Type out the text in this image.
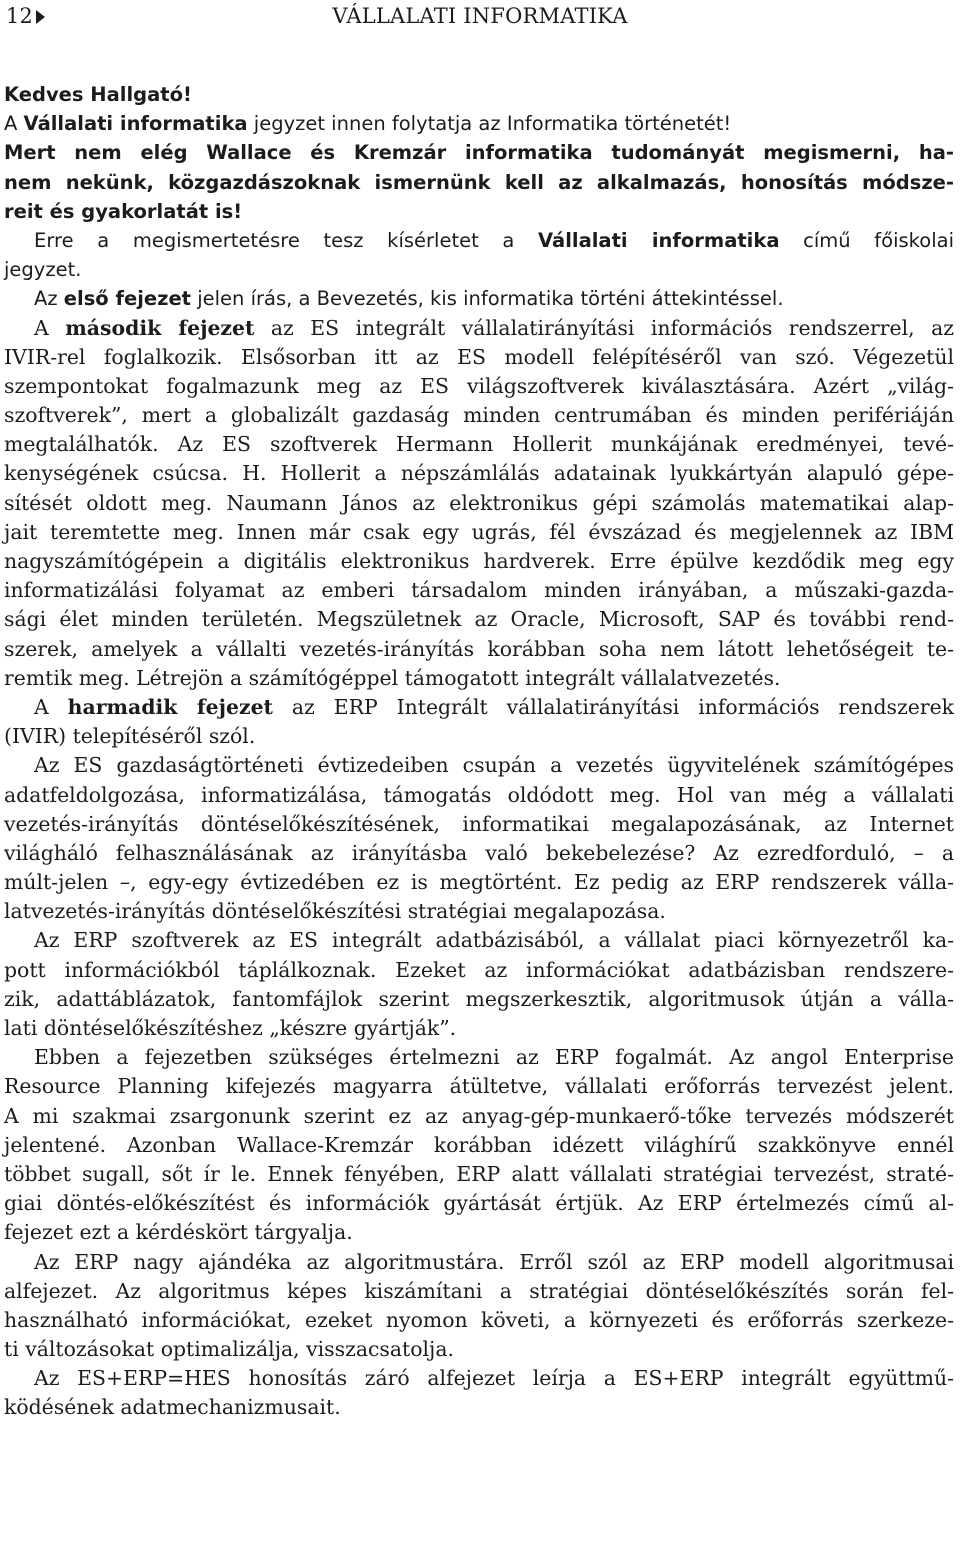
12	VÁLLALATI INFORMATIKA
Kedves Hallgató!
A Vállalati informatika jegyzet innen folytatja az Informatika történetét!
Mert nem elég Wallace és Kremzár informatika tudományát megismerni, ha-
nem nekünk, közgazdászoknak ismernünk kell az alkalmazás, honosítás módsze-
reit és gyakorlatát is!
Erre a megismertetésre tesz kísérletet a Vállalati informatika című főiskolai
jegyzet.
Az első fejezet jelen írás, a Bevezetés, kis informatika történi áttekintéssel.
A második fejezet az ES integrált vállalatirányítási információs rendszerrel, az
IVIR-rel foglalkozik. Elsősorban itt az ES modell felépítéséről van szó. Végezetül
szempontokat fogalmazunk meg az ES világszoftverek kiválasztására. Azért „világ-
szoftverek”, mert a globalizált gazdaság minden centrumában és minden perifériáján
megtalálhatók. Az ES szoftverek Hermann Hollerit munkájának eredményei, tevé-
kenységének csúcsa. H. Hollerit a népszámlálás adatainak lyukkártyán alapuló gépe-
sítését oldott meg. Naumann János az elektronikus gépi számolás matematikai alap-
jait teremtette meg. Innen már csak egy ugrás, fél évszázad és megjelennek az IBM
nagyszámítógépein a digitális elektronikus hardverek. Erre épülve kezdődik meg egy
informatizálási folyamat az emberi társadalom minden irányában, a műszaki-gazda-
sági élet minden területén. Megszületnek az Oracle, Microsoft, SAP és további rend-
szerek, amelyek a vállalti vezetés-irányítás korábban soha nem látott lehetőségeit te-
remtik meg. Létrejön a számítógéppel támogatott integrált vállalatvezetés.
A harmadik fejezet az ERP Integrált vállalatirányítási információs rendszerek
(IVIR) telepítéséről szól.
Az ES gazdaságtörténeti évtizedeiben csupán a vezetés ügyvitelének számítógépes
adatfeldolgozása, informatizálása, támogatás oldódott meg. Hol van még a vállalati
vezetés-irányítás döntéselőkészítésének, informatikai megalapozásának, az Internet
világháló felhasználásának az irányításba való bekebelezése? Az ezredforduló, – a
múlt-jelen –, egy-egy évtizedében ez is megtörtént. Ez pedig az ERP rendszerek válla-
latvezetés-irányítás döntéselőkészítési stratégiai megalapozása.
Az ERP szoftverek az ES integrált adatbázisából, a vállalat piaci környezetről ka-
pott információkból táplálkoznak. Ezeket az információkat adatbázisban rendszere-
zik, adattáblázatok, fantomfájlok szerint megszerkesztik, algoritmusok útján a válla-
lati döntéselőkészítéshez „készre gyártják”.
Ebben a fejezetben szükséges értelmezni az ERP fogalmát. Az angol Enterprise
Resource Planning kifejezés magyarra átültetve, vállalati erőforrás tervezést jelent.
A mi szakmai zsargonunk szerint ez az anyag-gép-munkaerő-tőke tervezés módszerét
jelentené. Azonban Wallace-Kremzár korábban idézett világhírű szakkönyve ennél
többet sugall, sőt ír le. Ennek fényében, ERP alatt vállalati stratégiai tervezést, straté-
giai döntés-előkészítést és információk gyártását értjük. Az ERP értelmezés című al-
fejezet ezt a kérdéskört tárgyalja.
Az ERP nagy ajándéka az algoritmustára. Erről szól az ERP modell algoritmusai
alfejezet. Az algoritmus képes kiszámítani a stratégiai döntéselőkészítés során fel-
használható információkat, ezeket nyomon követi, a környezeti és erőforrás szerkeze-
ti változásokat optimalizálja, visszacsatolja.
Az ES+ERP=HES honosítás záró alfejezet leírja a ES+ERP integrált együttmű-
ködésének adatmechanizmusait.
